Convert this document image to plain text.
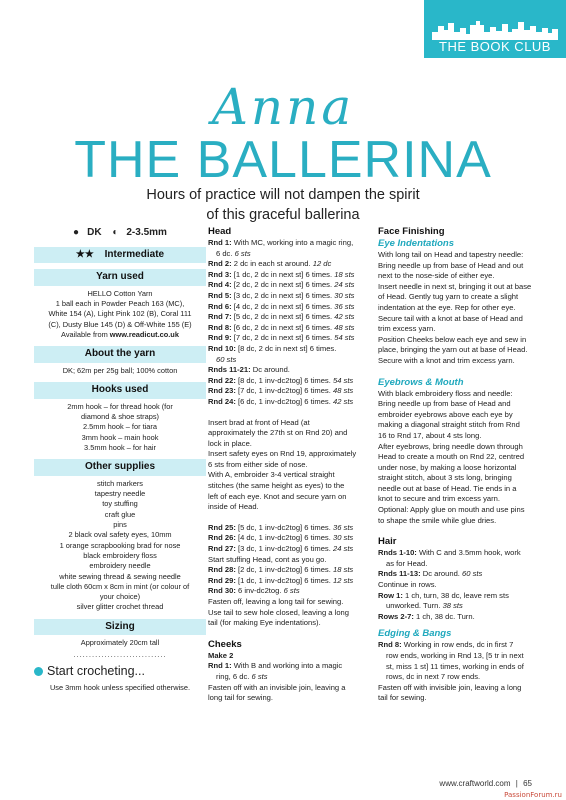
THE BOOK CLUB
Anna
THE BALLERINA
Hours of practice will not dampen the spirit
of this graceful ballerina
● DK ◐ 2-3.5mm
★★ Intermediate
Yarn used
HELLO Cotton Yarn
1 ball each in Powder Peach 163 (MC),
White 154 (A), Light Pink 102 (B), Coral 111
(C), Dusty Blue 145 (D) & Off-White 155 (E)
Available from www.readicut.co.uk
About the yarn
DK; 62m per 25g ball; 100% cotton
Hooks used
2mm hook – for thread hook (for
diamond & shoe straps)
2.5mm hook – for tiara
3mm hook – main hook
3.5mm hook – for hair
Other supplies
stitch markers
tapestry needle
toy stuffing
craft glue
pins
2 black oval safety eyes, 10mm
1 orange scrapbooking brad for nose
black embroidery floss
embroidery needle
white sewing thread & sewing needle
tulle cloth 60cm x 8cm in mint (or colour of
your choice)
silver glitter crochet thread
Sizing
Approximately 20cm tall
..............................
Start crocheting...
Use 3mm hook unless specified otherwise.
Head
Rnd 1: With MC, working into a magic ring,
6 dc. 6 sts
Rnd 2: 2 dc in each st around. 12 dc
Rnd 3: [1 dc, 2 dc in next st] 6 times. 18 sts
Rnd 4: [2 dc, 2 dc in next st] 6 times. 24 sts
Rnd 5: [3 dc, 2 dc in next st] 6 times. 30 sts
Rnd 6: [4 dc, 2 dc in next st] 6 times. 36 sts
Rnd 7: [5 dc, 2 dc in next st] 6 times. 42 sts
Rnd 8: [6 dc, 2 dc in next st] 6 times. 48 sts
Rnd 9: [7 dc, 2 dc in next st] 6 times. 54 sts
Rnd 10: [8 dc, 2 dc in next st] 6 times.
60 sts
Rnds 11-21: Dc around.
Rnd 22: [8 dc, 1 inv-dc2tog] 6 times. 54 sts
Rnd 23: [7 dc, 1 inv-dc2tog] 6 times. 48 sts
Rnd 24: [6 dc, 1 inv-dc2tog] 6 times. 42 sts
Insert brad at front of Head (at
approximately the 27th st on Rnd 20) and
lock in place.
Insert safety eyes on Rnd 19, approximately
6 sts from either side of nose.
With A, embroider 3-4 vertical straight
stitches (the same height as eyes) to the
left of each eye. Knot and secure yarn on
inside of Head.
Rnd 25: [5 dc, 1 inv-dc2tog] 6 times. 36 sts
Rnd 26: [4 dc, 1 inv-dc2tog] 6 times. 30 sts
Rnd 27: [3 dc, 1 inv-dc2tog] 6 times. 24 sts
Start stuffing Head, cont as you go.
Rnd 28: [2 dc, 1 inv-dc2tog] 6 times. 18 sts
Rnd 29: [1 dc, 1 inv-dc2tog] 6 times. 12 sts
Rnd 30: 6 inv-dc2tog. 6 sts
Fasten off, leaving a long tail for sewing.
Use tail to sew hole closed, leaving a long
tail (for making Eye indentations).
Cheeks
Make 2
Rnd 1: With B and working into a magic
ring, 6 dc. 6 sts
Fasten off with an invisible join, leaving a
long tail for sewing.
Face Finishing
Eye Indentations
With long tail on Head and tapestry needle:
Bring needle up from base of Head and out
next to the nose-side of either eye.
Insert needle in next st, bringing it out at base
of Head. Gently tug yarn to create a slight
indentation at the eye. Rep for other eye.
Secure tail with a knot at base of Head and
trim excess yarn.
Position Cheeks below each eye and sew in
place, bringing the yarn out at base of Head.
Secure with a knot and trim excess yarn.
Eyebrows & Mouth
With black embroidery floss and needle:
Bring needle up from base of Head and
embroider eyebrows above each eye by
making a diagonal straight stitch from Rnd
16 to Rnd 17, about 4 sts long.
After eyebrows, bring needle down through
Head to create a mouth on Rnd 22, centred
under nose, by making a loose horizontal
straight stitch, about 3 sts long, bringing
needle out at base of Head. Tie ends in a
knot to secure and trim excess yarn.
Optional: Apply glue on mouth and use pins
to shape the smile while glue dries.
Hair
Rnds 1-10: With C and 3.5mm hook, work
as for Head.
Rnds 11-13: Dc around. 60 sts
Continue in rows.
Row 1: 1 ch, turn, 38 dc, leave rem sts
unworked. Turn. 38 sts
Rows 2-7: 1 ch, 38 dc. Turn.
Edging & Bangs
Rnd 8: Working in row ends, dc in first 7
row ends, working in Rnd 13, [5 tr in next
st, miss 1 st] 11 times, working in ends of
rows, dc in next 7 row ends.
Fasten off with invisible join, leaving a long
tail for sewing.
www.craftworld.com | 65
PassionForum.ru
